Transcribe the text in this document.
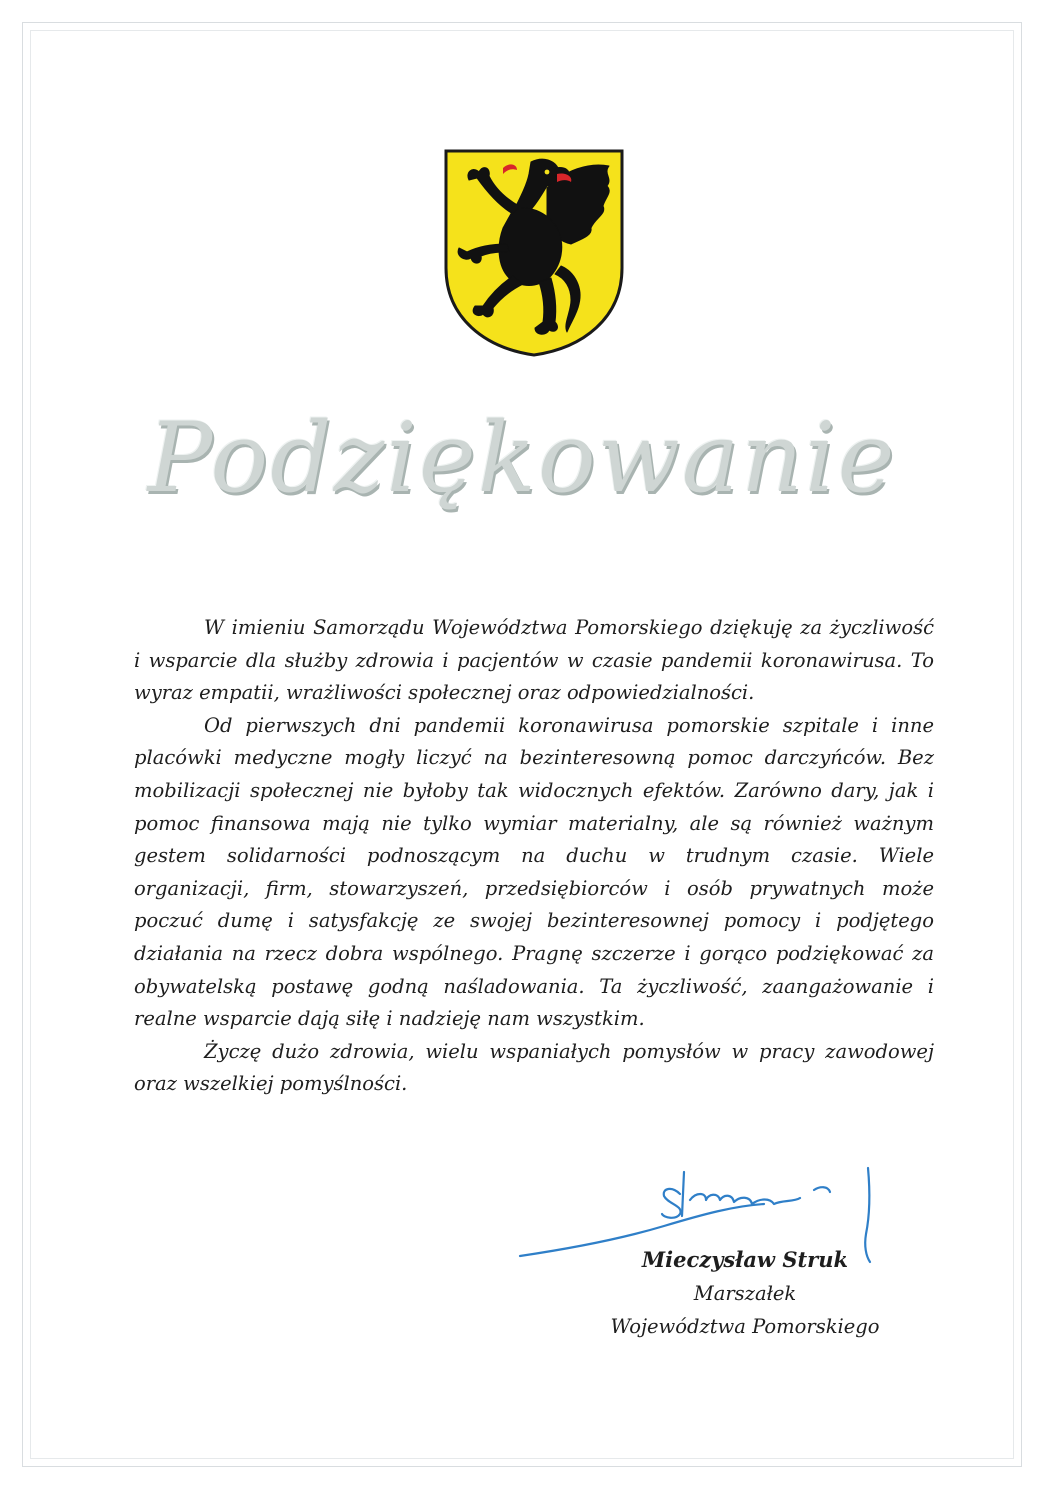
Podziękowanie

W imieniu Samorządu Województwa Pomorskiego dziękuję za życzliwość i wsparcie dla służby zdrowia i pacjentów w czasie pandemii koronawirusa. To wyraz empatii, wrażliwości społecznej oraz odpowiedzialności.

Od pierwszych dni pandemii koronawirusa pomorskie szpitale i inne placówki medyczne mogły liczyć na bezinteresowną pomoc darczyńców. Bez mobilizacji społecznej nie byłoby tak widocznych efektów. Zarówno dary, jak i pomoc finansowa mają nie tylko wymiar materialny, ale są również ważnym gestem solidarności podnoszącym na duchu w trudnym czasie. Wiele organizacji, firm, stowarzyszeń, przedsiębiorców i osób prywatnych może poczuć dumę i satysfakcję ze swojej bezinteresownej pomocy i podjętego działania na rzecz dobra wspólnego. Pragnę szczerze i gorąco podziękować za obywatelską postawę godną naśladowania. Ta życzliwość, zaangażowanie i realne wsparcie dają siłę i nadzieję nam wszystkim.

Życzę dużo zdrowia, wielu wspaniałych pomysłów w pracy zawodowej oraz wszelkiej pomyślności.

Mieczysław Struk
Marszałek
Województwa Pomorskiego
